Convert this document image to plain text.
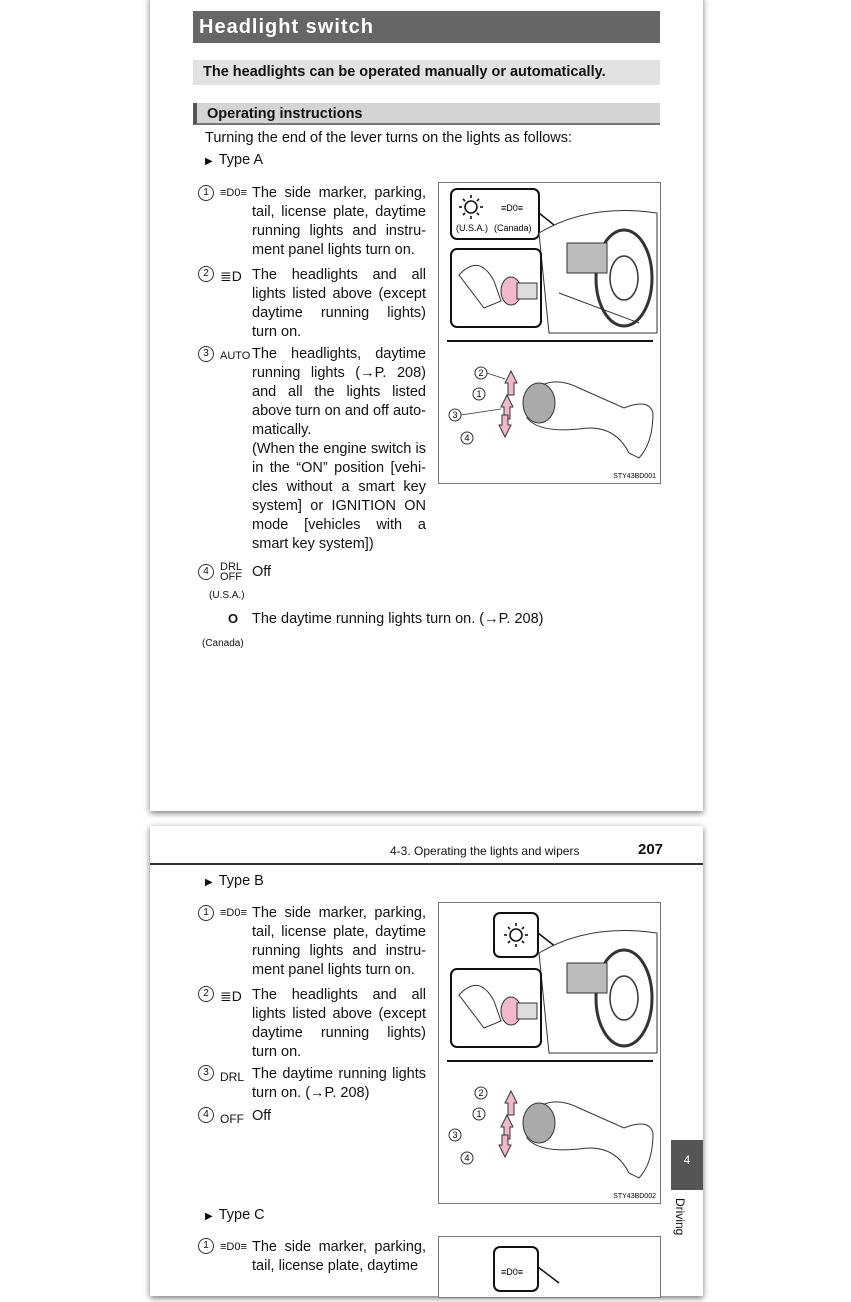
Headlight switch
The headlights can be operated manually or automatically.
Operating instructions
Turning the end of the lever turns on the lights as follows:
▶ Type A
1	≡D0≡ The side marker, parking, tail, license plate, daytime running lights and instru-ment panel lights turn on.
2 ≣D The headlights and all lights listed above (except daytime running lights) turn on.
3	AUTO The headlights, daytime running lights (→P. 208) and all the lights listed above turn on and off auto-matically.
(When the engine switch is in the “ON” position [vehi-cles without a smart key system] or IGNITION ON mode [vehicles with a smart key system])
4	DRL OFF Off
(U.S.A.)
O The daytime running lights turn on. (→P. 208)
(Canada)
≡D0≡
(U.S.A.) (Canada)
2
1
3
4
STY43BD001
4-3. Operating the lights and wipers	207
▶ Type B
1	≡D0≡ The side marker, parking, tail, license plate, daytime running lights and instru-ment panel lights turn on.
2 ≣D The headlights and all lights listed above (except daytime running lights) turn on.
3 DRL The daytime running lights turn on. (→P. 208)
4 OFF Off
2
1
3
4
STY43BD002
▶ Type C
1	≡D0≡ The side marker, parking, tail, license plate, daytime	≡D0≡
4
Driving
